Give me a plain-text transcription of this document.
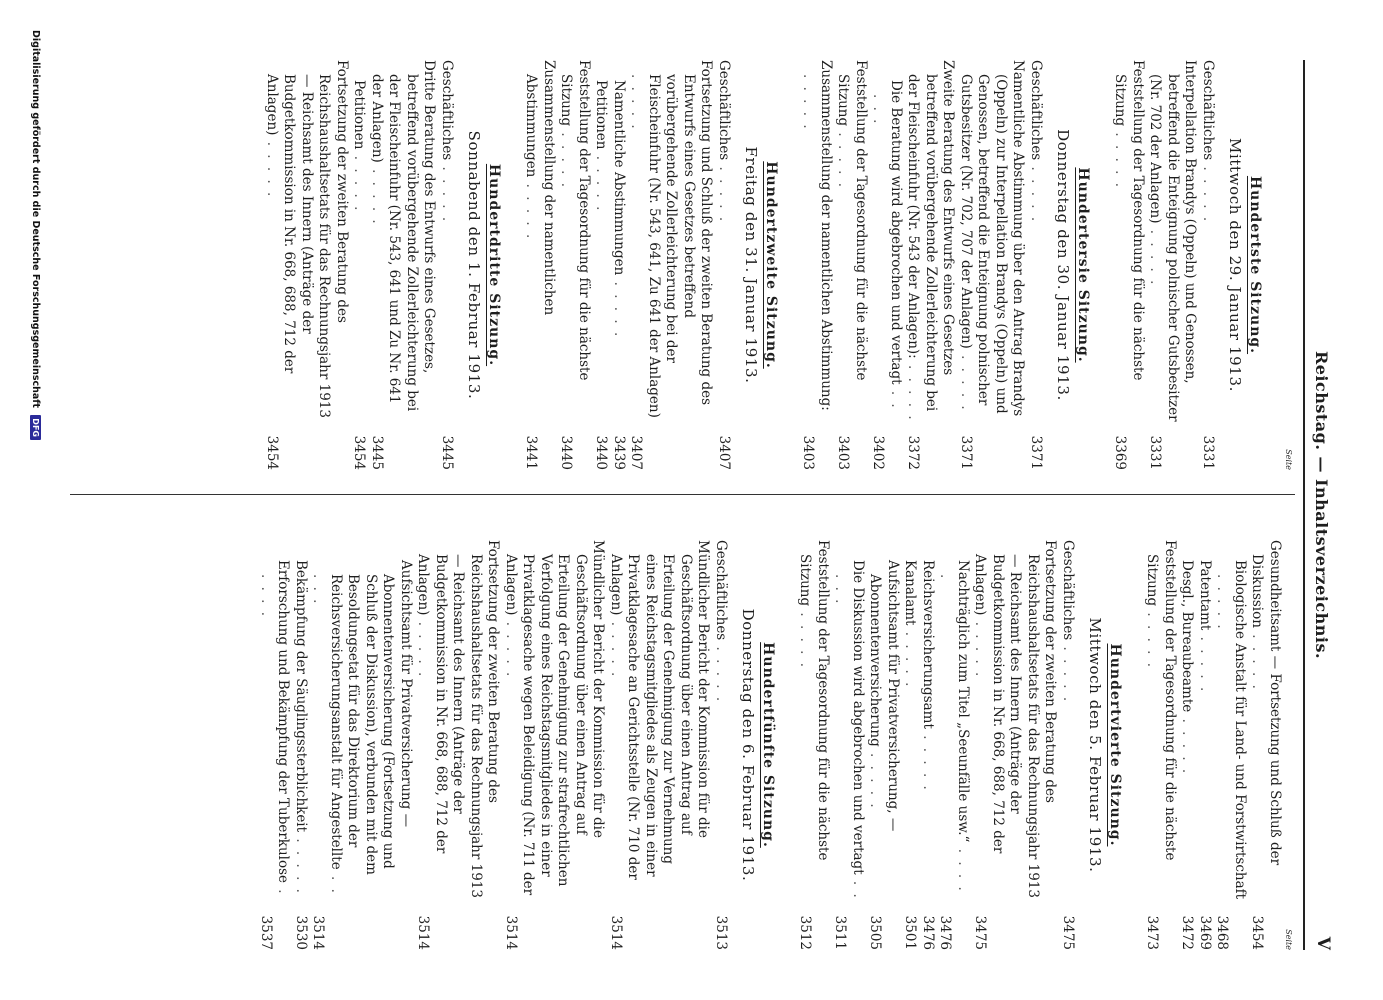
Reichstag. — Inhaltsverzeichnis.
V
Seite
Hundertste Sitzung.
Mittwoch den 29. Januar 1913.
Geschäftliches . . . . .
3331
Interpellation Brandys (Oppeln) und Genossen, betreffend die Enteignung polnischer Gutsbesitzer (Nr. 702 der Anlagen) . . . . .
3331
Feststellung der Tagesordnung für die nächste Sitzung . . . . .
3369
Hundertersie Sitzung.
Donnerstag den 30. Januar 1913.
Geschäftliches . . . . .
3371
Namentliche Abstimmung über den Antrag Brandys (Oppeln) zur Interpellation Brandys (Oppeln) und Genossen, betreffend die Enteignung polnischer Gutsbesitzer (Nr. 702, 707 der Anlagen) . . . . .
3371
Zweite Beratung des Entwurfs eines Gesetzes betreffend vorübergehende Zollerleichterung bei der Fleischeinfuhr (Nr. 543 der Anlagen): . . . . .
3372
Die Beratung wird abgebrochen und vertagt . . . . .
3402
Feststellung der Tagesordnung für die nächste Sitzung . . . . .
3403
Zusammenstellung der namentlichen Abstimmung: . . . . .
3403
Hundertzweite Sitzung.
Freitag den 31. Januar 1913.
Geschäftliches . . . . .
3407
Fortsetzung und Schluß der zweiten Beratung des Entwurfs eines Gesetzes betreffend vorübergehende Zollerleichterung bei der Fleischeinfuhr (Nr. 543, 641, Zu 641 der Anlagen) . . . . .
3407
Namentliche Abstimmungen . . . . .
3439
Petitionen . . . . .
3440
Feststellung der Tagesordnung für die nächste Sitzung . . . . .
3440
Zusammenstellung der namentlichen Abstimmungen . . . . .
3441
Hundertdritte Sitzung.
Sonnabend den 1. Februar 1913.
Geschäftliches . . . . .
3445
Dritte Beratung des Entwurfs eines Gesetzes, betreffend vorübergehende Zollerleichterung bei der Fleischeinfuhr (Nr. 543, 641 und Zu Nr. 641 der Anlagen) . . . . .
3445
Petitionen . . . . .
3454
Fortsetzung der zweiten Beratung des Reichshaushaltsetats für das Rechnungsjahr 1913 — Reichsamt des Innern (Anträge der Budgetkommission in Nr. 668, 688, 712 der Anlagen) . . . . .
3454
Seite
Gesundheitsamt — Fortsetzung und Schluß der Diskussion . . . . .
3454
Biologische Anstalt für Land- und Forstwirtschaft . . . . .
3468
Patentamt . . . . .
3469
Desgl., Bureaubeamte . . . . .
3472
Feststellung der Tagesordnung für die nächste Sitzung . . . . .
3473
Hundertvierte Sitzung.
Mittwoch den 5. Februar 1913.
Geschäftliches . . . . .
3475
Fortsetzung der zweiten Beratung des Reichshaushaltsetats für das Rechnungsjahr 1913 — Reichsamt des Innern (Anträge der Budgetkommission in Nr. 668, 688, 712 der Anlagen) . . . . .
3475
Nachträglich zum Titel „Seeunfälle usw.“ . . . . .
3476
Reichsversicherungsamt . . . . .
3476
Kanalamt . . . . .
3501
Aufsichtsamt für Privatversicherung, — Abonnentenversicherung . . . . .
3505
Die Diskussion wird abgebrochen und vertagt . . . . .
3511
Feststellung der Tagesordnung für die nächste Sitzung . . . . .
3512
Hundertfünfte Sitzung.
Donnerstag den 6. Februar 1913.
Geschäftliches . . . . .
3513
Mündlicher Bericht der Kommission für die Geschäftsordnung über einen Antrag auf Erteilung der Genehmigung zur Vernehmung eines Reichstagsmitgliedes als Zeugen in einer Privatklagesache an Gerichtsstelle (Nr. 710 der Anlagen) . . . . .
3514
Mündlicher Bericht der Kommission für die Geschäftsordnung über einen Antrag auf Erteilung der Genehmigung zur strafrechtlichen Verfolgung eines Reichstagsmitgliedes in einer Privatklagesache wegen Beleidigung (Nr. 711 der Anlagen) . . . . .
3514
Fortsetzung der zweiten Beratung des Reichshaushaltsetats für das Rechnungsjahr 1913 — Reichsamt des Innern (Anträge der Budgetkommission in Nr. 668, 688, 712 der Anlagen) . . . . .
3514
Aufsichtsamt für Privatversicherung — Abonnentenversicherung (Fortsetzung und Schluß der Diskussion), verbunden mit dem Besoldungsetat für das Direktorium der Reichsversicherungsanstalt für Angestellte . . . . .
3514
Bekämpfung der Säuglingssterblichkeit . . . . .
3530
Erforschung und Bekämpfung der Tuberkulose . . . . .
3537
Digitalisierung gefördert durch die Deutsche Forschungsgemeinschaft DFG
